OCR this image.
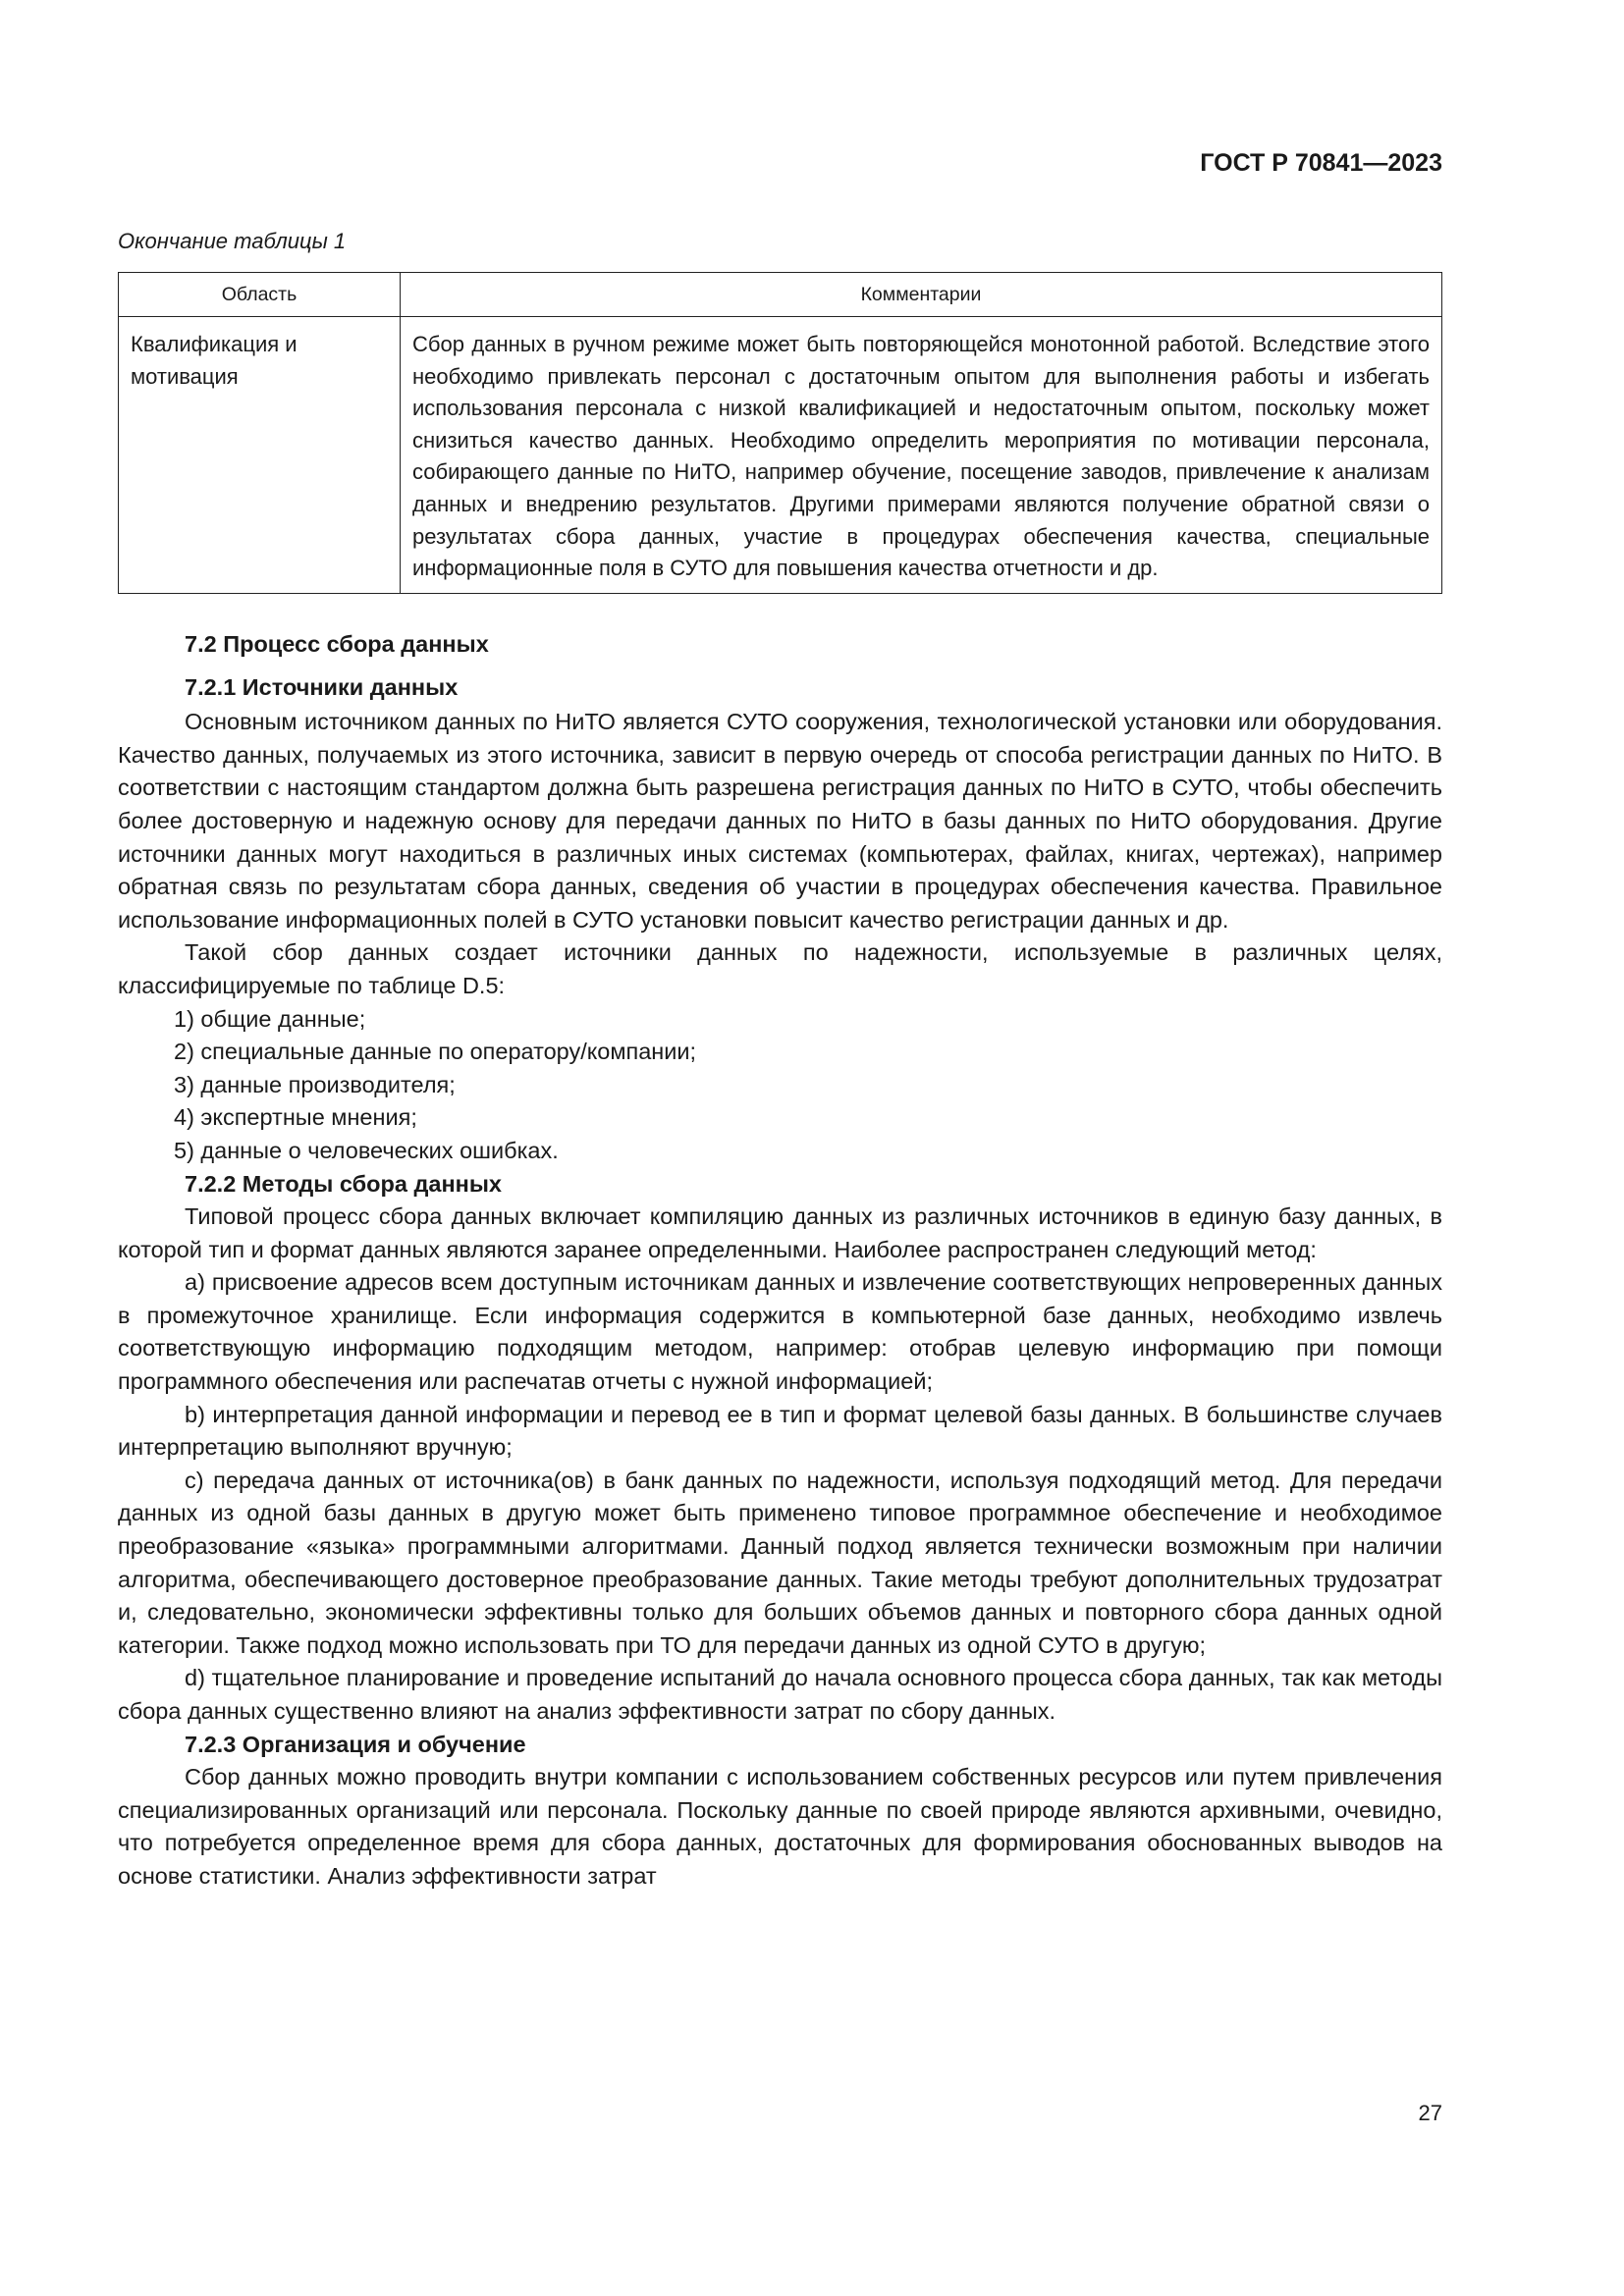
ГОСТ Р 70841—2023
Окончание таблицы 1
Область	Комментарии
Квалификация и мотивация	Сбор данных в ручном режиме может быть повторяющейся монотонной работой. Вследствие этого необходимо привлекать персонал с достаточным опытом для выполнения работы и избегать использования персонала с низкой квалификацией и недостаточным опытом, поскольку может снизиться качество данных. Необходимо определить мероприятия по мотивации персонала, собирающего данные по НиТО, например обучение, посещение заводов, привлечение к анализам данных и внедрению результатов. Другими примерами являются получение обратной связи о результатах сбора данных, участие в процедурах обеспечения качества, специальные информационные поля в СУТО для повышения качества отчетности и др.

7.2 Процесс сбора данных

7.2.1 Источники данных

Основным источником данных по НиТО является СУТО сооружения, технологической установки или оборудования. Качество данных, получаемых из этого источника, зависит в первую очередь от способа регистрации данных по НиТО. В соответствии с настоящим стандартом должна быть разрешена регистрация данных по НиТО в СУТО, чтобы обеспечить более достоверную и надежную основу для передачи данных по НиТО в базы данных по НиТО оборудования. Другие источники данных могут находиться в различных иных системах (компьютерах, файлах, книгах, чертежах), например обратная связь по результатам сбора данных, сведения об участии в процедурах обеспечения качества. Правильное использование информационных полей в СУТО установки повысит качество регистрации данных и др.

Такой сбор данных создает источники данных по надежности, используемые в различных целях, классифицируемые по таблице D.5:

1) общие данные;

2) специальные данные по оператору/компании;

3) данные производителя;

4) экспертные мнения;

5) данные о человеческих ошибках.

7.2.2 Методы сбора данных

Типовой процесс сбора данных включает компиляцию данных из различных источников в единую базу данных, в которой тип и формат данных являются заранее определенными. Наиболее распространен следующий метод:

а) присвоение адресов всем доступным источникам данных и извлечение соответствующих непроверенных данных в промежуточное хранилище. Если информация содержится в компьютерной базе данных, необходимо извлечь соответствующую информацию подходящим методом, например: отобрав целевую информацию при помощи программного обеспечения или распечатав отчеты с нужной информацией;

b) интерпретация данной информации и перевод ее в тип и формат целевой базы данных. В большинстве случаев интерпретацию выполняют вручную;

c) передача данных от источника(ов) в банк данных по надежности, используя подходящий метод. Для передачи данных из одной базы данных в другую может быть применено типовое программное обеспечение и необходимое преобразование «языка» программными алгоритмами. Данный подход является технически возможным при наличии алгоритма, обеспечивающего достоверное преобразование данных. Такие методы требуют дополнительных трудозатрат и, следовательно, экономически эффективны только для больших объемов данных и повторного сбора данных одной категории. Также подход можно использовать при ТО для передачи данных из одной СУТО в другую;

d) тщательное планирование и проведение испытаний до начала основного процесса сбора данных, так как методы сбора данных существенно влияют на анализ эффективности затрат по сбору данных.

7.2.3 Организация и обучение

Сбор данных можно проводить внутри компании с использованием собственных ресурсов или путем привлечения специализированных организаций или персонала. Поскольку данные по своей природе являются архивными, очевидно, что потребуется определенное время для сбора данных, достаточных для формирования обоснованных выводов на основе статистики. Анализ эффективности затрат

27
